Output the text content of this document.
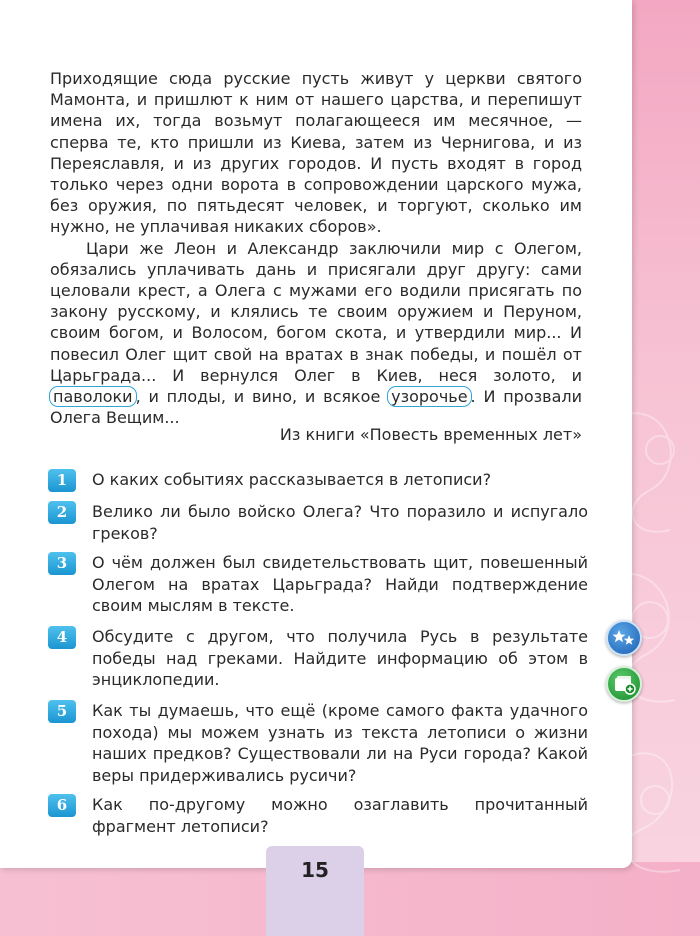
Приходящие сюда русские пусть живут у церкви святого Мамонта, и пришлют к ним от нашего царства, и перепишут имена их, тогда возьмут полагающееся им месячное, — сперва те, кто пришли из Киева, затем из Чернигова, и из Переяславля, и из других городов. И пусть входят в город только через одни ворота в сопровождении царского мужа, без оружия, по пятьдесят человек, и торгуют, сколько им нужно, не уплачивая никаких сборов».

Цари же Леон и Александр заключили мир с Олегом, обязались уплачивать дань и присягали друг другу: сами целовали крест, а Олега с мужами его водили присягать по закону русскому, и клялись те своим оружием и Перуном, своим богом, и Волосом, богом скота, и утвердили мир... И повесил Олег щит свой на вратах в знак победы, и пошёл от Царьграда... И вернулся Олег в Киев, неся золото, и паволоки , и плоды, и вино, и всякое узорочье . И прозвали Олега Вещим...

Из книги «Повесть временных лет»
1	О каких событиях рассказывается в летописи?
2	Велико ли было войско Олега? Что поразило и испугало греков?
3	О чём должен был свидетельствовать щит, повешенный Олегом на вратах Царьграда? Найди подтверждение своим мыслям в тексте.
4	Обсудите с другом, что получила Русь в результате победы над греками. Найдите информацию об этом в энциклопедии.
5	Как ты думаешь, что ещё (кроме самого факта удачного похода) мы можем узнать из текста летописи о жизни наших предков? Существовали ли на Руси города? Какой веры придерживались русичи?
6	Как по-другому можно озаглавить прочитанный фрагмент летописи?
15
